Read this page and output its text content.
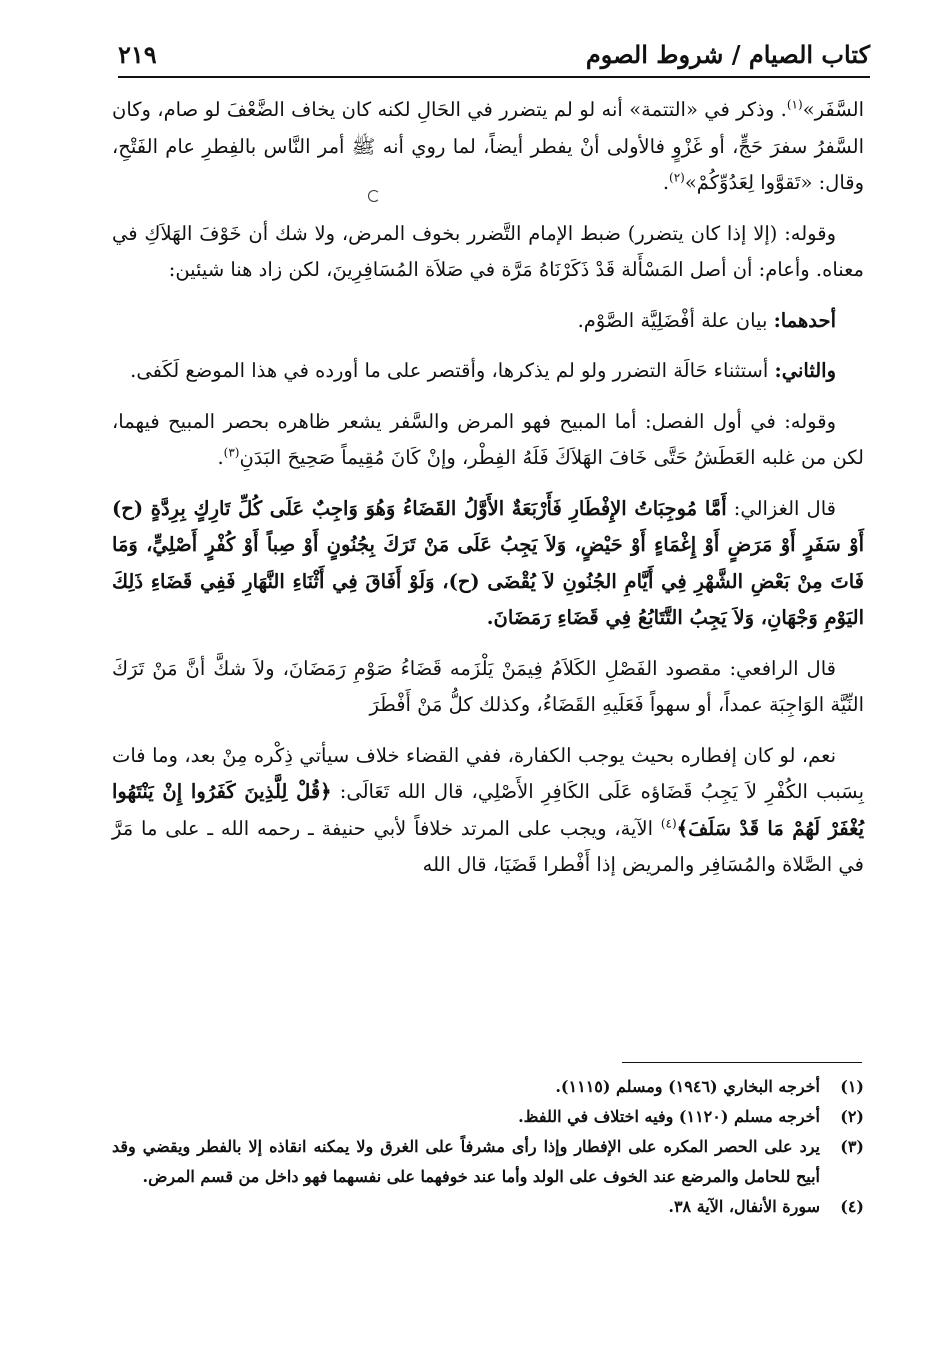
كتاب الصيام / شروط الصوم
٢١٩

السَّفَر»$^{(١)}$. وذكر في «التتمة» أنه لو لم يتضرر في الحَالِ لكنه كان يخاف الضَّعْفَ لو صام، وكان السَّفرُ سفرَ حَجٍّ، أو غَزْوٍ فالأولى أنْ يفطر أيضاً، لما روي أنه ﷺ أمر النَّاس بالفِطرِ عام الفَتْحِ، وقال: «تَقوَّوا لِعَدُوِّكُمْ»$^{(٢)}$.

وقوله: (إلا إذا كان يتضرر) ضبط الإمام التَّضرر بخوف المرض، ولا شك أن خَوْفَ الهَلاَكِ في معناه. وأعام: أن أصل المَسْأَلة قَدْ ذَكَرْنَاهُ مَرَّة في صَلاَة المُسَافِرِينَ، لكن زاد هنا شيئين:

أحدهما: بيان علة أفْضَلِيَّة الصَّوْم.

والثاني: أستثناء حَالَة التضرر ولو لم يذكرها، وأقتصر على ما أورده في هذا الموضع لَكَفى.

وقوله: في أول الفصل: أما المبيح فهو المرض والسَّفر يشعر ظاهره بحصر المبيح فيهما، لكن من غلبه العَطَشُ حَتَّى خَافَ الهَلاَكَ فَلَهُ الفِطْر، وإنْ كَانَ مُقِيماً صَحِيحَ البَدَنِ$^{(٣)}$.

قال الغزالي: أَمَّا مُوجِبَاتُ الإِفْطَارِ فَأَرْبَعَةٌ الأَوَّلُ القَضَاءُ وَهُوَ وَاجِبٌ عَلَى كُلِّ تَارِكٍ بِرِدَّةٍ (ح) أَوْ سَفَرٍ أَوْ مَرَضٍ أَوْ إِغْمَاءٍ أَوْ حَيْضٍ، وَلاَ يَجِبُ عَلَى مَنْ تَرَكَ بِجُنُونٍ أَوْ صِباً أَوْ كُفْرٍ أَصْلِيٍّ، وَمَا فَاتَ مِنْ بَعْضِ الشَّهْرِ فِي أَيَّامِ الجُنُونِ لاَ يُقْضَى (ح)، وَلَوْ أَفَاقَ فِي أَثْنَاءِ النَّهَارِ فَفِي قَضَاءِ ذَلِكَ اليَوْمِ وَجْهَانِ، وَلاَ يَجِبُ التَّتَابُعُ فِي قَضَاءِ رَمَضَانَ.

قال الرافعي: مقصود الفَصْلِ الكَلاَمُ فِيمَنْ يَلْزَمه قَضَاءُ صَوْمِ رَمَضَانَ، ولاَ شكَّ أنَّ مَنْ تَرَكَ النِّيَّة الوَاجِبَة عمداً، أو سهواً فَعَلَيهِ القَضَاءُ، وكذلك كلُّ مَنْ أَفْطَرَ

نعم، لو كان إفطاره بحيث يوجب الكفارة، ففي القضاء خلاف سيأتي ذِكْره مِنْ بعد، وما فات بِسَبب الكُفْرِ لاَ يَجِبُ قَضَاؤه عَلَى الكَافِرِ الأَصْلِي، قال الله تَعَالَى: ﴿قُلْ لِلَّذِينَ كَفَرُوا إِنْ يَنْتَهُوا يُغْفَرْ لَهُمْ مَا قَدْ سَلَفَ﴾$^{(٤)}$ الآية، ويجب على المرتد خلافاً لأبي حنيفة ـ رحمه الله ـ على ما مَرَّ في الصَّلاة والمُسَافِر والمريض إذا أَفْطرا قَضَيَا، قال الله

(١)
أخرجه البخاري (١٩٤٦) ومسلم (١١١٥).
(٢)
أخرجه مسلم (١١٢٠) وفيه اختلاف في اللفظ.
(٣)
يرد على الحصر المكره على الإفطار وإذا رأى مشرفاً على الغرق ولا يمكنه انقاذه إلا بالفطر ويقضي وقد أبيح للحامل والمرضع عند الخوف على الولد وأما عند خوفهما على نفسهما فهو داخل من قسم المرض.
(٤)
سورة الأنفال، الآية ٣٨.
